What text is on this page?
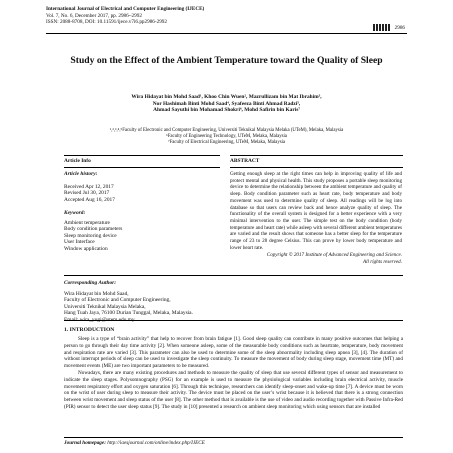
International Journal of Electrical and Computer Engineering (IJECE)
Vol. 7, No. 6, December 2017, pp. 2986~2992
ISSN: 2088-8708, DOI: 10.11591/ijece.v7i6.pp2986-2992
2986
Study on the Effect of the Ambient Temperature toward the Quality of Sleep
Wira Hidayat bin Mohd Saad¹, Khoo Chin Wuen², Mazrullizam bin Mat Ibrahim³,
Nor Hashimah Binti Mohd Saad⁴, Syafeeza Binti Ahmad Radzi⁵,
Ahmad Sayuthi bin Mohamad Shokri⁶, Mohd Safirin bin Karis⁷
¹,²,³,⁴,⁵Faculty of Electronic and Computer Engineering, Universiti Teknikal Malaysia Melaka (UTeM), Melaka, Malaysia
⁶Faculty of Engineering Technology, UTeM, Melaka, Malaysia
⁷Faculty of Electrical Engineering, UTeM, Melaka, Malaysia
Article Info	ABSTRACT
Article history:
Received Apr 12, 2017
Revised Jul 30, 2017
Accepted Aug 16, 2017
Keyword:
Ambient temperature
Body condition parameters
Sleep monitoring device
User Interface
Window application
Getting enough sleep at the right times can help in improving quality of life and protect mental and physical health. This study proposes a portable sleep monitoring device to determine the relationship between the ambient temperature and quality of sleep. Body condition parameter such as heart rate, body temperature and body movement was used to determine quality of sleep. All readings will be log into database so that users can review back and hence analyze quality of sleep. The functionality of the overall system is designed for a better experience with a very minimal intervention to the user. The simple test on the body condition (body temperature and heart rate) while asleep with several different ambient temperatures are varied and the result shows that someone has a better sleep for the temperature range of 23 to 28 degree Celsius. This can prove by lower body temperature and lower heart rate.
Copyright © 2017 Institute of Advanced Engineering and Science.
All rights reserved.
Corresponding Author:
Wira Hidayat bin Mohd Saad,
Faculty of Electronic and Computer Engineering,
Universiti Teknikal Malaysia Melaka,
Hang Tuah Jaya, 76100 Durian Tunggal, Melaka, Malaysia.
Email: wira_yugi@utem.edu.my
1. INTRODUCTION

Sleep is a type of “brain activity” that help to recover from brain fatigue [1]. Good sleep quality can contribute in many positive outcomes that helping a person to go through their day time activity [2]. When someone asleep, some of the measurable body conditions such as heartrate, temperature, body movement and respiration rate are varied [3]. This parameter can also be used to determine some of the sleep abnormality including sleep apnea [3], [4]. The duration of without interrupt periods of sleep can be used to investigate the sleep continuity. To measure the movement of body during sleep stage, movement time (MT) and movement events (ME) are two important parameters to be measured.

Nowadays, there are many existing procedures and methods to measure the quality of sleep that use several different types of sensor and measurement to indicate the sleep stages. Polysomnography (PSG) for an example is used to measure the physiological variables including brain electrical activity, muscle movement respiratory effort and oxygen saturation [6]. Through this technique, researchers can identify sleep-onset and wake-up time [7]. A device must be worn on the wrist of user during sleep to measure their activity. The device must be placed on the user’s wrist because it is believed that there is a strong connection between wrist movement and sleep status of the user [8]. The other method that is available is the use of video and audio recording together with Passive Infra-Red (PIR) sensor to detect the user sleep status [9]. The study in [10] presented a research on ambient sleep monitoring which using sensors that are installed

Journal homepage: http://iaesjournal.com/online/index.php/IJECE
